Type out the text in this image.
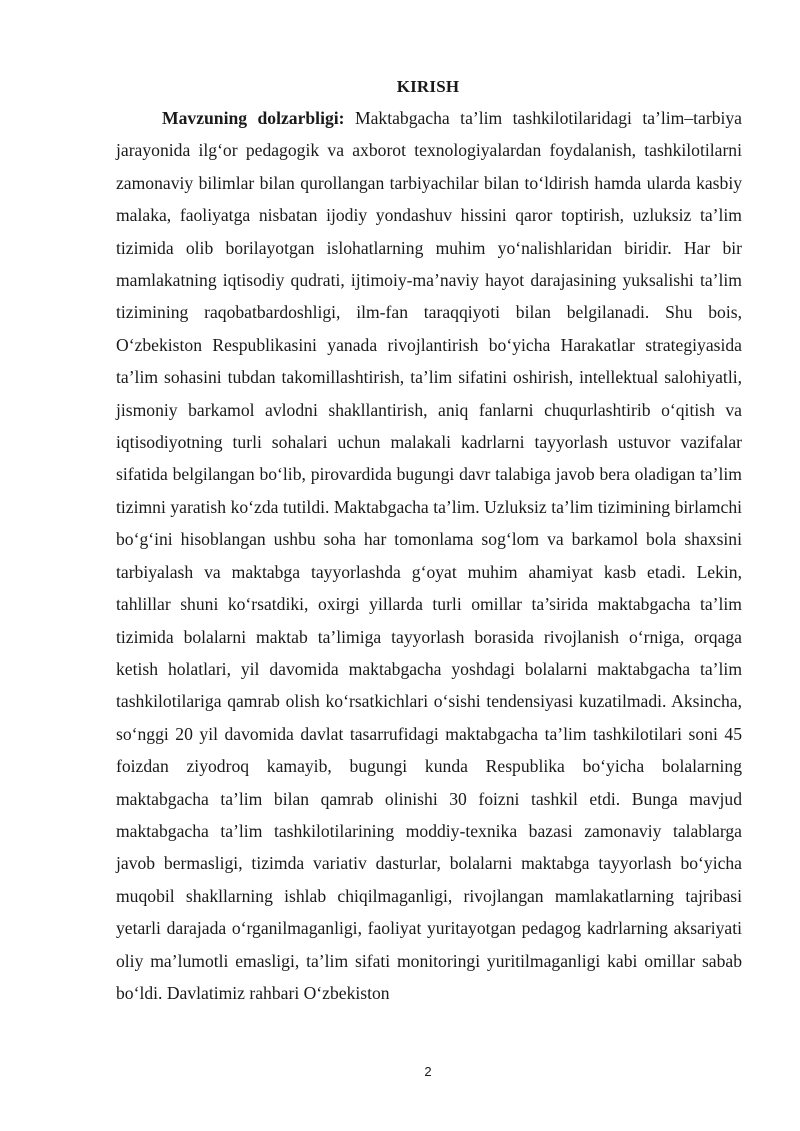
KIRISH

Mavzuning dolzarbligi: Maktabgacha ta’lim tashkilotilaridagi ta’lim–tarbiya jarayonida ilg‘or pedagogik va axborot texnologiyalardan foydalanish, tashkilotilarni zamonaviy bilimlar bilan qurollangan tarbiyachilar bilan to‘ldirish hamda ularda kasbiy malaka, faoliyatga nisbatan ijodiy yondashuv hissini qaror toptirish, uzluksiz ta’lim tizimida olib borilayotgan islohatlarning muhim yo‘nalishlaridan biridir. Har bir mamlakatning iqtisodiy qudrati, ijtimoiy-ma’naviy hayot darajasining yuksalishi ta’lim tizimining raqobatbardoshligi, ilm-fan taraqqiyoti bilan belgilanadi. Shu bois, O‘zbekiston Respublikasini yanada rivojlantirish bo‘yicha Harakatlar strategiyasida ta’lim sohasini tubdan takomillashtirish, ta’lim sifatini oshirish, intellektual salohiyatli, jismoniy barkamol avlodni shakllantirish, aniq fanlarni chuqurlashtirib o‘qitish va iqtisodiyotning turli sohalari uchun malakali kadrlarni tayyorlash ustuvor vazifalar sifatida belgilangan bo‘lib, pirovardida bugungi davr talabiga javob bera oladigan ta’lim tizimni yaratish ko‘zda tutildi. Maktabgacha ta’lim. Uzluksiz ta’lim tizimining birlamchi bo‘g‘ini hisoblangan ushbu soha har tomonlama sog‘lom va barkamol bola shaxsini tarbiyalash va maktabga tayyorlashda g‘oyat muhim ahamiyat kasb etadi. Lekin, tahlillar shuni ko‘rsatdiki, oxirgi yillarda turli omillar ta’sirida maktabgacha ta’lim tizimida bolalarni maktab ta’limiga tayyorlash borasida rivojlanish o‘rniga, orqaga ketish holatlari, yil davomida maktabgacha yoshdagi bolalarni maktabgacha ta’lim tashkilotilariga qamrab olish ko‘rsatkichlari o‘sishi tendensiyasi kuzatilmadi. Aksincha, so‘nggi 20 yil davomida davlat tasarrufidagi maktabgacha ta’lim tashkilotilari soni 45 foizdan ziyodroq kamayib, bugungi kunda Respublika bo‘yicha bolalarning maktabgacha ta’lim bilan qamrab olinishi 30 foizni tashkil etdi. Bunga mavjud maktabgacha ta’lim tashkilotilarining moddiy-texnika bazasi zamonaviy talablarga javob bermasligi, tizimda variativ dasturlar, bolalarni maktabga tayyorlash bo‘yicha muqobil shakllarning ishlab chiqilmaganligi, rivojlangan mamlakatlarning tajribasi yetarli darajada o‘rganilmaganligi, faoliyat yuritayotgan pedagog kadrlarning aksariyati oliy ma’lumotli emasligi, ta’lim sifati monitoringi yuritilmaganligi kabi omillar sabab bo‘ldi. Davlatimiz rahbari O‘zbekiston

2
